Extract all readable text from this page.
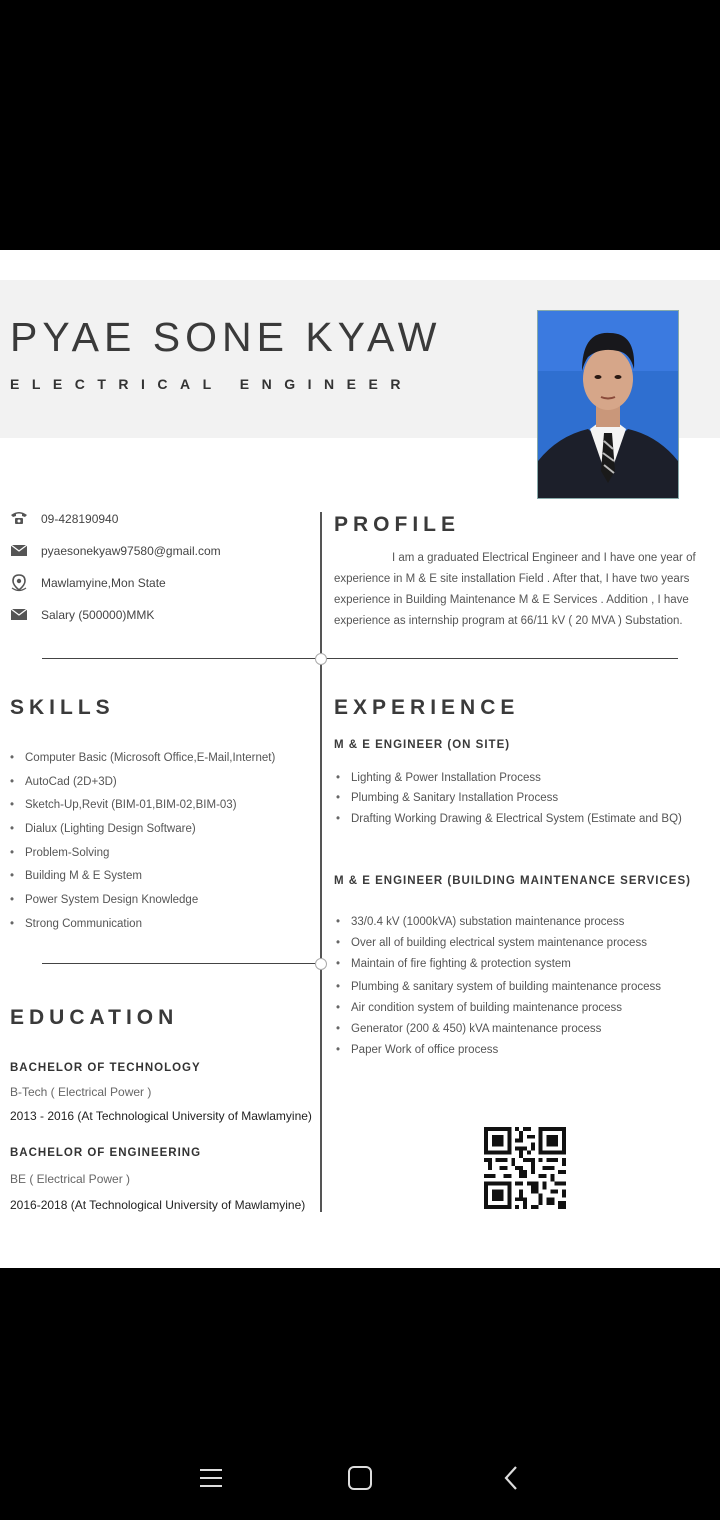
PYAE SONE KYAW
ELECTRICAL ENGINEER
09-428190940
pyaesonekyaw97580@gmail.com
Mawlamyine,Mon State
Salary (500000)MMK
PROFILE

I am a graduated Electrical Engineer and I have one year of experience in M & E site installation Field . After that, I have two years experience in Building Maintenance M & E Services . Addition , I have experience as internship program at 66/11 kV ( 20 MVA ) Substation.

SKILLS
• Computer Basic (Microsoft Office,E-Mail,Internet)
• AutoCad (2D+3D)
• Sketch-Up,Revit (BIM-01,BIM-02,BIM-03)
• Dialux (Lighting Design Software)
• Problem-Solving
• Building M & E System
• Power System Design Knowledge
• Strong Communication
EXPERIENCE
M & E ENGINEER (ON SITE)
• Lighting & Power Installation Process
• Plumbing & Sanitary Installation Process
• Drafting Working Drawing & Electrical System (Estimate and BQ)
M & E ENGINEER (BUILDING MAINTENANCE SERVICES)
• 33/0.4 kV (1000kVA) substation maintenance process
• Over all of building electrical system maintenance process
• Maintain of fire fighting & protection system
• Plumbing & sanitary system of building maintenance process
• Air condition system of building maintenance process
• Generator (200 & 450) kVA maintenance process
• Paper Work of office process
EDUCATION
BACHELOR OF TECHNOLOGY
B-Tech ( Electrical Power )
2013 - 2016 (At Technological University of Mawlamyine)
BACHELOR OF ENGINEERING
BE ( Electrical Power )
2016-2018 (At Technological University of Mawlamyine)
